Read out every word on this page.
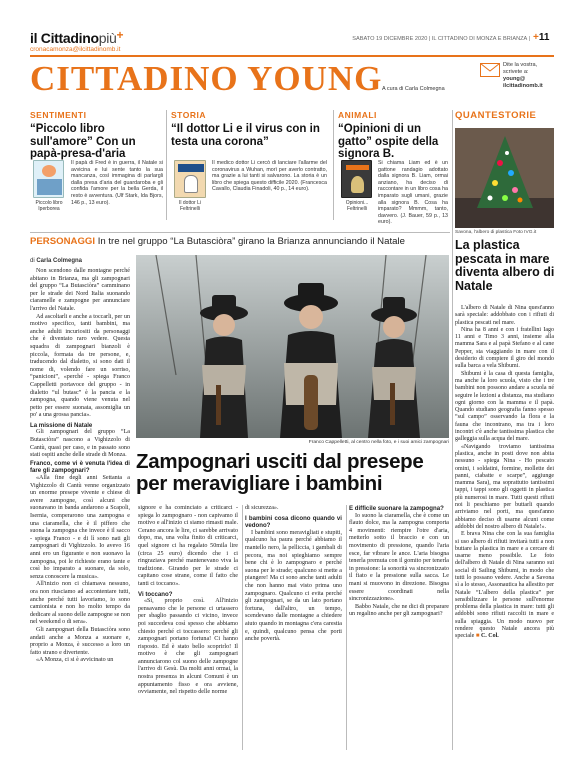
il Cittadinopiù+
cronacamonza@ilcittadinomb.it
SABATO 19 DICEMBRE 2020 | IL CITTADINO DI MONZA E BRIANZA | +11
CITTADINO YOUNG A cura di Carla Colmegna
Dite la vostra,
scrivete a:
young@
ilcittadinomb.it
SENTIMENTI
“Piccolo libro sull'amore” Con un papà-presa-d'aria
Piccolo libro
Iperborea
Il papà di Fred è in guerra, il Natale si avvicina e lui sente tanto la sua mancanza, così immagina di parlargli dalla presa d'aria del guardaroba e gli confida l'amore per la bella Gerda, il resto è avventura. (Ulf Stark, Ida Bjors, 146 p., 13 euro).
STORIA
“Il dottor Li e il virus con in testa una corona”
Il dottor Li
Feltrinelli
Il medico dottor Li cercò di lanciare l'allarme del coronavirus a Wuhan, morì per averlo contratto, ma grazie a lui tanti si salvarono. La storia è un libro che spiega questo difficile 2020. (Francesca Cavallo, Claudia Finadoli, 40 p., 14 euro).
ANIMALI
“Opinioni di un gatto” ospite della signora B.
Opinioni...
Feltrinelli
Si chiama Liam ed è un gattone randagio adottato dalla signora B. Liam, ormai anziano, ha deciso di raccontare in un libro cosa ha imparato sugli umani, grazie alla signora B. Cosa ha imparato? Mmmm, tanto, davvero. (J. Bauer, 59 p., 13 euro).
QUANTESTORIE
Savona, l'albero di plastica Foto IVG.it
La plastica pescata in mare diventa albero di Natale

L'albero di Natale di Nina quest'anno sarà speciale: addobbato con i rifiuti di plastica pescati nel mare.

Nina ha 8 anni e con i fratellini Iago 11 anni e Timo 3 anni, insieme alla mamma Sara e al papà Stefano e al cane Pepper, sta viaggiando in mare con il desiderio di compiere il giro del mondo sulla barca a vela Shibumi.

Shibumi è la casa di questa famiglia, ma anche la loro scuola, visto che i tre bambini non possono andare a scuola né seguire le lezioni a distanza, ma studiano ogni giorno con la mamma e il papà. Quando studiano geografia fanno spesso “sul campo” osservando la flora e la fauna che incontrano, ma tra i loro incontri c'è anche tantissima plastica che galleggia sulla acqua del mare.

«Navigando troviamo tantissima plastica, anche in posti dove non abita nessuno - spiega Nina - Ho pescato omini, i soldatini, formine, mollette dei panni, ciabatte e scarpe”, aggiunge mamma Sara), ma soprattutto tantissimi tappi, i tappi sono gli oggetti in plastica più numerosi in mare. Tutti questi rifiuti noi li peschiamo per buttarli quando arriviamo nel porti, ma quest'anno abbiamo deciso di usarne alcuni come addobbi del nostro albero di Natale!».

E brava Nina che con la sua famiglia si uso albero di rifiuti invitarà tutti a non buttare la plastica in mare e a cercare di usarne meno possibile. Le foto dell'albero di Natale di Nina saranno sui social di Sailing Shibumi, in modo che tutti lo possano vedere. Anche a Savona sì a lo stesso, Assonautica ha allestito per Natale “L'albero della plastica” per sensibilizzare le persone sull'enorme problema della plastica in mare: tutti gli addobbi sono rifiuti raccolti in mare e sulla spiaggia. Un modo nuovo per rendere questo Natale ancora più speciale ■ C. Col.

PERSONAGGI In tre nel gruppo “La Butasciòra” girano la Brianza annunciando il Natale
di Carla Colmegna

Non scendono dalle montagne perché abitano in Brianza, ma gli zampognari del gruppo “La Butasciòra” camminano per le strade dei Nord Italia suonando ciaramelle e zampogne per annunciare l'arrivo del Natale.

Ad ascoltarli e anche a toccarli, per un motivo specifico, tanti bambini, ma anche adulti incuriositi da personaggi che è diventato raro vedere. Questa squadra di zampognari bianzoli è piccola, formata da tre persone, e, traducendo dal dialetto, si sono dati il nome di, volendo fare un sorriso, “panicioni”, «perché - spiega Franco Cappelletti portavoce del gruppo - in dialetto “ul butasc” è la pancia e la zampogna, quando viene venuta nel petto per essere suonata, assomiglia un po' a una grossa pancia».

La missione di Natale

Gli zampognari del gruppo “La Butasciòra” nascono a Vighizzolo di Cantù, quasi per caso, e in passato sono stati ospiti anche delle strade di Monza.

Franco, come vi è venuta l'idea di fare gli zampognari?

«Alla fine degli anni Settanta a Vighizzolo di Cantù venne organizzato un enorme presepe vivente e chiese di avere zampogne, così alcuni che suonavano in banda andarono a Scapoli, Isernia, comperarono una zampogna e una ciaramella, che è il piffero che suona la zampogna che invece è il sacco - spiega Franco - e di lì sono nati gli zampognari di Vighizzolo. Io avevo 16 anni ero un figurante e non suonavo la zampogna, poi le richieste erano tante e così ho imparato a suonare, da solo, senza conoscere la musica».

All'inizio non ci chiamava nessuno, ora non riusciamo ad accontentare tutti, anche perché tutti lavoriamo, io sono camionista e non ho molto tempo da dedicare al suono delle zampogne se non nel weekend o di sera».

Gli zampognari della Butasciòra sono andati anche a Monza a suonare e, proprio a Monza, è successo a loro un fatto strano e divertente.

«A Monza, ci si è avvicinato un

Franco Cappelletti, al centro nella foto, e i suoi amici zampognari
Zampognari usciti dal presepe per meravigliare i bambini

signore e ha cominciato a criticarci - spiega lo zampognaro - non capivamo il motivo e all'inizio ci siamo rimasti male. Cerano ancora le lire, ci sarebbe arrivato dopo, ma, una volta finito di criticarci, quel signore ci ha regalato 50mila lire (circa 25 euro) dicendo che i ci ringraziava perché mantenevano viva la tradizione. Girando per le strade ci capitano cose strane, come il fatto che tanti ci toccano».

Vi toccano?

«Sì, proprio così. All'inizio pensavamo che le persone ci urtassero per sbaglio passando ci vicino, invece poi succedeva così spesso che abbiamo chiesto perché ci toccassero: perché gli zampognari portano fortuna! Ci hanno risposto. Ed è stato bello scoprirlo! Il motivo è che gli zampognari annunciarono col suono delle zampogne l'arrivo di Gesù. Da molti anni ormai, la nostra presenza in alcuni Comuni è un appuntamento fisso e ora avviene, ovviamente, nel rispetto delle norme

di sicurezza».

I bambini cosa dicono quando vi vedono?

I bambini sono meravigliati e stupiti, qualcuno ha paura perché abbiamo il mantello nero, la pelliccia, i gambali di pecora, ma noi spieghiamo sempre bene chi è lo zampognaro e perché suona per le strade; qualcuno si mette a piangere! Ma ci sono anche tanti adulti che non hanno mai visto prima uno zampognaro. Qualcuno ci evita perché gli zampognari, se da un lato portano fortuna, dall'altro, un tempo, scendevano dalle montagne a chiedere aiuto quando in montagna c'era carestia e, quindi, qualcuno pensa che porti anche povertà.

E difficile suonare la zampogna?

Io suono la ciaramella, che è come un flauto dolce, ma la zampogna comporta 4 movimenti: riempire l'otre d'aria, metterlo sotto il braccio e con un movimento di pressione, quando l'aria esce, far vibrare le ance. L'aria bisogna tenerla premuta con il gomito per tenerla in pressione: la sonorità va sincronizzato il fiato e la pressione sulla sacca. Le mani si muovono in direzione. Bisogna essere coordinati nella sincronizzazione».

Babbo Natale, che ne dici di preparare un regalino anche per gli zampognari?
